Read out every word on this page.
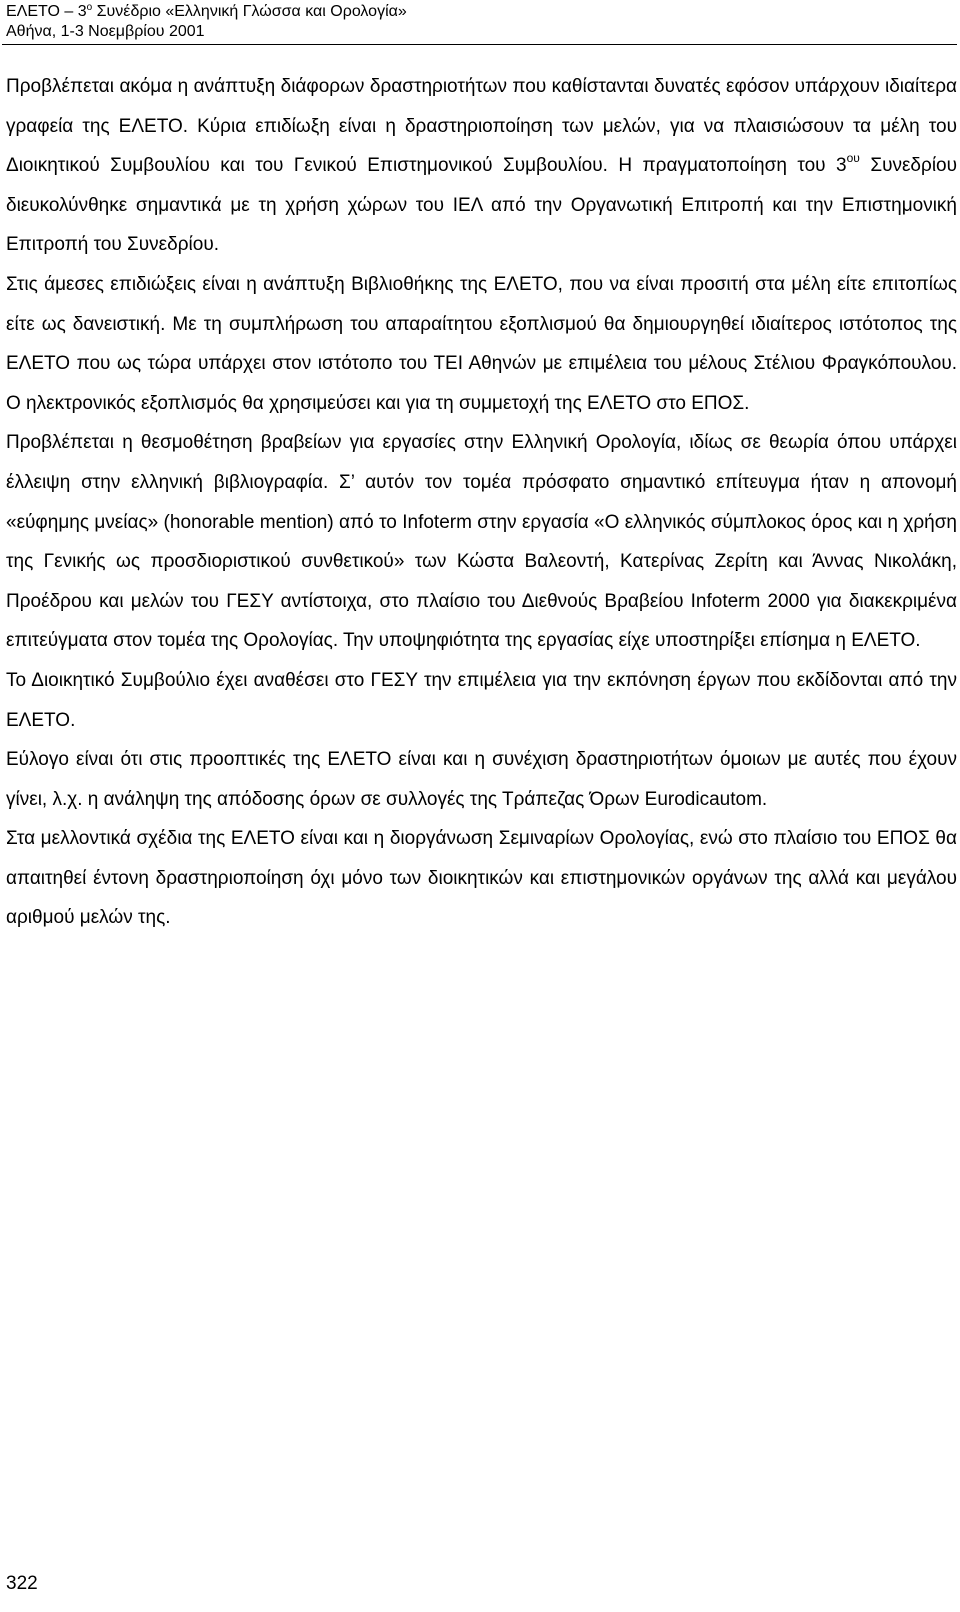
ΕΛΕΤΟ – $3^o$ Συνέδριο «Ελληνική Γλώσσα και Ορολογία»
Αθήνα, 1-3 Νοεμβρίου 2001

Προβλέπεται ακόμα η ανάπτυξη διάφορων δραστηριοτήτων που καθίστανται δυνατές εφόσον υπάρχουν ιδιαίτερα γραφεία της ΕΛΕΤΟ. Κύρια επιδίωξη είναι η δραστηριοποίηση των μελών, για να πλαισιώσουν τα μέλη του Διοικητικού Συμβουλίου και του Γενικού Επιστημονικού Συμβουλίου. Η πραγματοποίηση του $3^{o\upsilon}$ Συνεδρίου διευκολύνθηκε σημαντικά με τη χρήση χώρων του ΙΕΛ από την Οργανωτική Επιτροπή και την Επιστημονική Επιτροπή του Συνεδρίου.

Στις άμεσες επιδιώξεις είναι η ανάπτυξη Βιβλιοθήκης της ΕΛΕΤΟ, που να είναι προσιτή στα μέλη είτε επιτοπίως είτε ως δανειστική. Με τη συμπλήρωση του απαραίτητου εξοπλισμού θα δημιουργηθεί ιδιαίτερος ιστότοπος της ΕΛΕΤΟ που ως τώρα υπάρχει στον ιστότοπο του ΤΕΙ Αθηνών με επιμέλεια του μέλους Στέλιου Φραγκόπουλου. Ο ηλεκτρονικός εξοπλισμός θα χρησιμεύσει και για τη συμμετοχή της ΕΛΕΤΟ στο ΕΠΟΣ.

Προβλέπεται η θεσμοθέτηση βραβείων για εργασίες στην Ελληνική Ορολογία, ιδίως σε θεωρία όπου υπάρχει έλλειψη στην ελληνική βιβλιογραφία. Σ’ αυτόν τον τομέα πρόσφατο σημαντικό επίτευγμα ήταν η απονομή «εύφημης μνείας» (honorable mention) από το Infoterm στην εργασία «Ο ελληνικός σύμπλοκος όρος και η χρήση της Γενικής ως προσδιοριστικού συνθετικού» των Κώστα Βαλεοντή, Κατερίνας Ζερίτη και Άννας Νικολάκη, Προέδρου και μελών του ΓΕΣΥ αντίστοιχα, στο πλαίσιο του Διεθνούς Βραβείου Infoterm 2000 για διακεκριμένα επιτεύγματα στον τομέα της Ορολογίας. Την υποψηφιότητα της εργασίας είχε υποστηρίξει επίσημα η ΕΛΕΤΟ.

Το Διοικητικό Συμβούλιο έχει αναθέσει στο ΓΕΣΥ την επιμέλεια για την εκπόνηση έργων που εκδίδονται από την ΕΛΕΤΟ.

Εύλογο είναι ότι στις προοπτικές της ΕΛΕΤΟ είναι και η συνέχιση δραστηριοτήτων όμοιων με αυτές που έχουν γίνει, λ.χ. η ανάληψη της απόδοσης όρων σε συλλογές της Τράπεζας Όρων Eurodicautom.

Στα μελλοντικά σχέδια της ΕΛΕΤΟ είναι και η διοργάνωση Σεμιναρίων Ορολογίας, ενώ στο πλαίσιο του ΕΠΟΣ θα απαιτηθεί έντονη δραστηριοποίηση όχι μόνο των διοικητικών και επιστημονικών οργάνων της αλλά και μεγάλου αριθμού μελών της.

322
